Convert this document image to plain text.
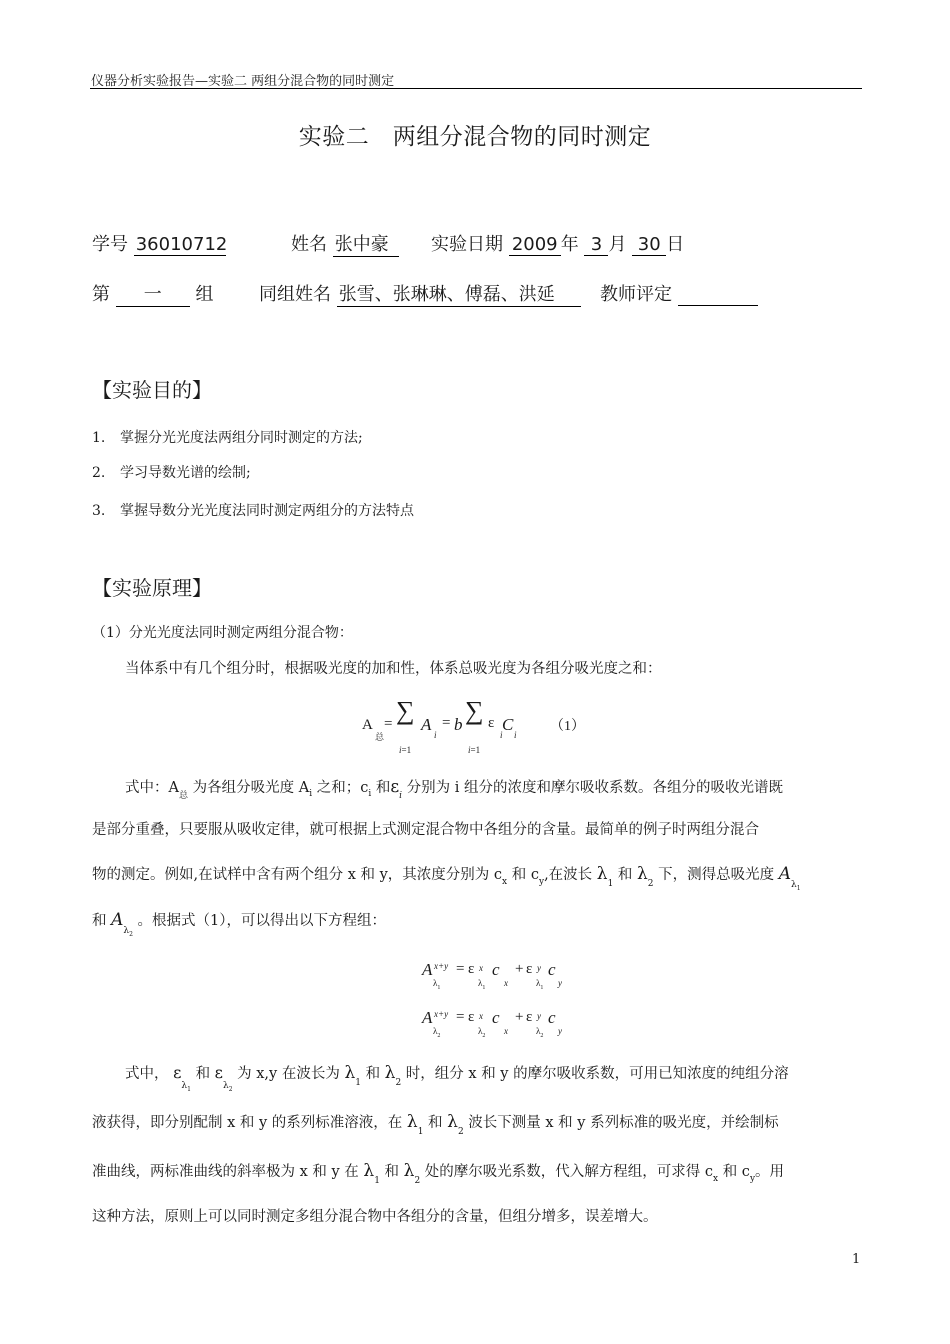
仪器分析实验报告—实验二 两组分混合物的同时测定
实验二　两组分混合物的同时测定
学号 36010712	姓名 张中豪	实验日期 2009 年 3 月 30 日
第 一 组	同组姓名 张雪、张琳琳、傅磊、洪延	教师评定
【实验目的】
1. 掌握分光光度法两组分同时测定的方法;
2. 学习导数光谱的绘制;
3. 掌握导数分光光度法同时测定两组分的方法特点
【实验原理】
（1）分光光度法同时测定两组分混合物：
当体系中有几个组分时，根据吸光度的加和性，体系总吸光度为各组分吸光度之和：
A
总
= ∑ A
i
= b ∑ ε C
i i
i=1	i=1
（1）
式中：$A_总$ 为各组分吸光度 $A_i$ 之和；$c_i$ 和$\varepsilon_i$ 分别为 i 组分的浓度和摩尔吸收系数。各组分的吸收光谱既
是部分重叠，只要服从吸收定律，就可根据上式测定混合物中各组分的含量。最简单的例子时两组分混合
物的测定。例如,在试样中含有两个组分 x 和 y，其浓度分别为 $c_x$ 和 $c_y$,在波长 $\lambda_1$ 和 $\lambda_2$ 下，测得总吸光度 $A_{\lambda_1}$
和 $A_{\lambda_2}$ 。根据式（1），可以得出以下方程组：
A x+y
$\lambda_1$
= ε x
$\lambda_1$
c
x
+ ε y
$\lambda_1$
c
y
A x+y
$\lambda_2$
= ε x
$\lambda_2$
c
x
+ ε y
$\lambda_2$
c
y
式中， $\varepsilon_{\lambda_1}$ 和 $\varepsilon_{\lambda_2}$ 为 x,y 在波长为 $\lambda_1$ 和 $\lambda_2$ 时，组分 x 和 y 的摩尔吸收系数，可用已知浓度的纯组分溶
液获得，即分别配制 x 和 y 的系列标准溶液，在 $\lambda_1$ 和 $\lambda_2$ 波长下测量 x 和 y 系列标准的吸光度，并绘制标
准曲线，两标准曲线的斜率极为 x 和 y 在 $\lambda_1$ 和 $\lambda_2$ 处的摩尔吸光系数，代入解方程组，可求得 $c_x$ 和 $c_y$。用
这种方法，原则上可以同时测定多组分混合物中各组分的含量，但组分增多，误差增大。
1
